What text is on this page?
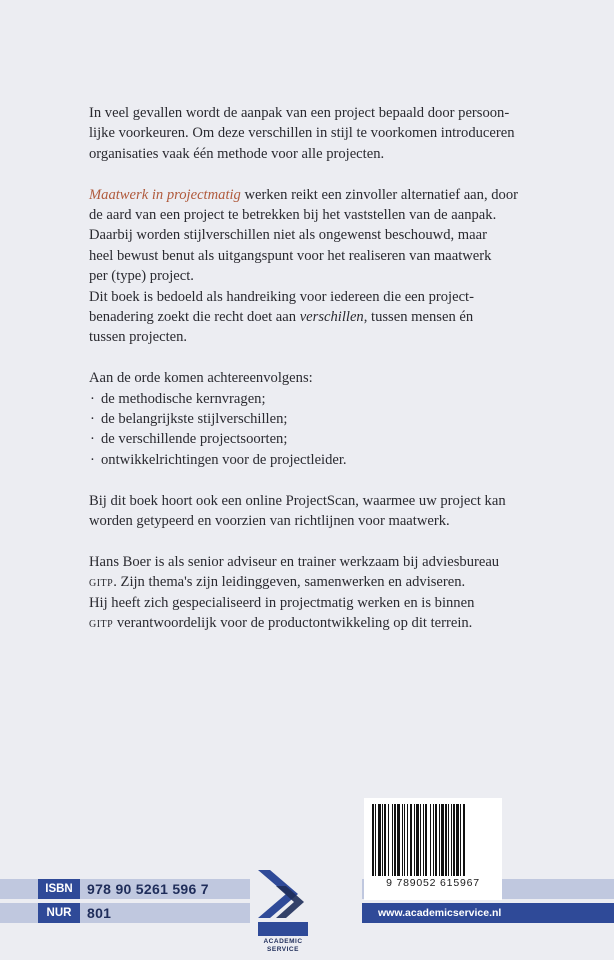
In veel gevallen wordt de aanpak van een project bepaald door persoon-
lijke voorkeuren. Om deze verschillen in stijl te voorkomen introduceren
organisaties vaak één methode voor alle projecten.

Maatwerk in projectmatig werken reikt een zinvoller alternatief aan, door
de aard van een project te betrekken bij het vaststellen van de aanpak.
Daarbij worden stijlverschillen niet als ongewenst beschouwd, maar
heel bewust benut als uitgangspunt voor het realiseren van maatwerk
per (type) project.
Dit boek is bedoeld als handreiking voor iedereen die een project-
benadering zoekt die recht doet aan verschillen, tussen mensen én
tussen projecten.

Aan de orde komen achtereenvolgens:

· de methodische kernvragen;
· de belangrijkste stijlverschillen;
· de verschillende projectsoorten;
· ontwikkelrichtingen voor de projectleider.

Bij dit boek hoort ook een online ProjectScan, waarmee uw project kan
worden getypeerd en voorzien van richtlijnen voor maatwerk.

Hans Boer is als senior adviseur en trainer werkzaam bij adviesbureau
gitp. Zijn thema's zijn leidinggeven, samenwerken en adviseren.
Hij heeft zich gespecialiseerd in projectmatig werken en is binnen
gitp verantwoordelijk voor de productontwikkeling op dit terrein.

9 789052 615967
ISBN	978 90 5261 596 7
NUR	801	www.academicservice.nl
ACADEMIC
SERVICE
